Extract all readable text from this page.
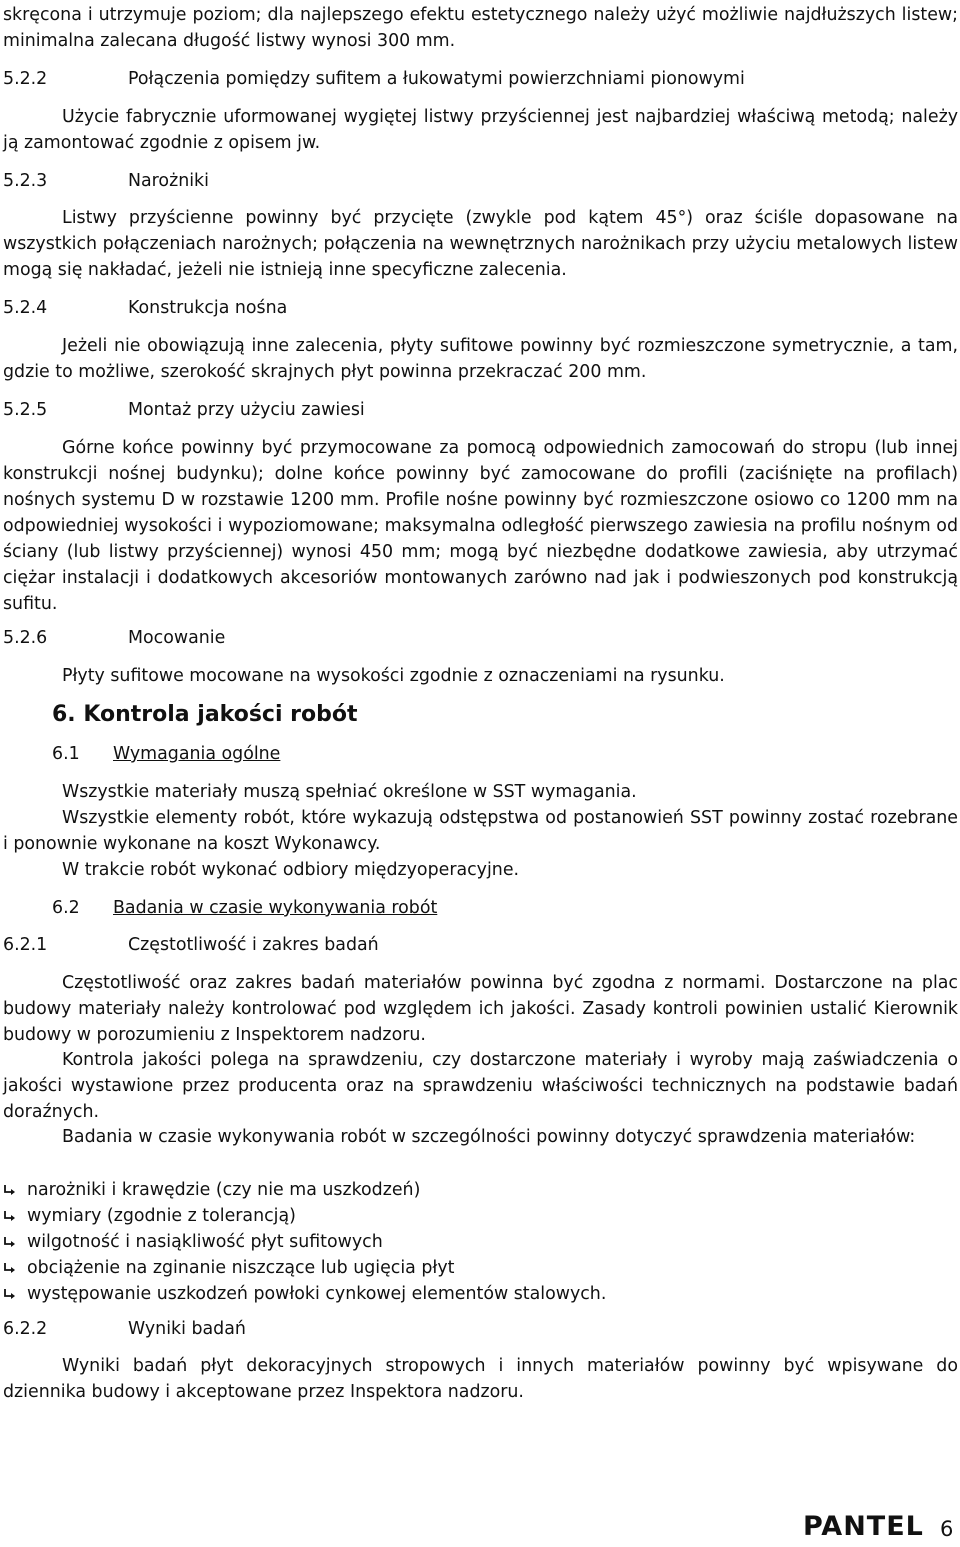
skręcona i utrzymuje poziom; dla najlepszego efektu estetycznego należy użyć możliwie najdłuższych listew; minimalna zalecana długość listwy wynosi 300 mm.

5.2.2	Połączenia pomiędzy sufitem a łukowatymi powierzchniami pionowymi

Użycie fabrycznie uformowanej wygiętej listwy przyściennej jest najbardziej właściwą metodą; należy ją zamontować zgodnie z opisem jw.

5.2.3	Narożniki

Listwy przyścienne powinny być przycięte (zwykle pod kątem 45°) oraz ściśle dopasowane na wszystkich połączeniach narożnych; połączenia na wewnętrznych narożnikach przy użyciu metalowych listew mogą się nakładać, jeżeli nie istnieją inne specyficzne zalecenia.

5.2.4	Konstrukcja nośna

Jeżeli nie obowiązują inne zalecenia, płyty sufitowe powinny być rozmieszczone symetrycznie, a tam, gdzie to możliwe, szerokość skrajnych płyt powinna przekraczać 200 mm.

5.2.5	Montaż przy użyciu zawiesi

Górne końce powinny być przymocowane za pomocą odpowiednich zamocowań do stropu (lub innej konstrukcji nośnej budynku); dolne końce powinny być zamocowane do profili (zaciśnięte na profilach) nośnych systemu D w rozstawie 1200 mm. Profile nośne powinny być rozmieszczone osiowo co 1200 mm na odpowiedniej wysokości i wypoziomowane; maksymalna odległość pierwszego zawiesia na profilu nośnym od ściany (lub listwy przyściennej) wynosi 450 mm; mogą być niezbędne dodatkowe zawiesia, aby utrzymać ciężar instalacji i dodatkowych akcesoriów montowanych zarówno nad jak i podwieszonych pod konstrukcją sufitu.

5.2.6	Mocowanie

Płyty sufitowe mocowane na wysokości zgodnie z oznaczeniami na rysunku.

6. Kontrola jakości robót
6.1 Wymagania ogólne

Wszystkie materiały muszą spełniać określone w SST wymagania.

Wszystkie elementy robót, które wykazują odstępstwa od postanowień SST powinny zostać rozebrane i ponownie wykonane na koszt Wykonawcy.

W trakcie robót wykonać odbiory międzyoperacyjne.

6.2 Badania w czasie wykonywania robót
6.2.1	Częstotliwość i zakres badań

Częstotliwość oraz zakres badań materiałów powinna być zgodna z normami. Dostarczone na plac budowy materiały należy kontrolować pod względem ich jakości. Zasady kontroli powinien ustalić Kierownik budowy w porozumieniu z Inspektorem nadzoru.

Kontrola jakości polega na sprawdzeniu, czy dostarczone materiały i wyroby mają zaświadczenia o jakości wystawione przez producenta oraz na sprawdzeniu właściwości technicznych na podstawie badań doraźnych.

Badania w czasie wykonywania robót w szczególności powinny dotyczyć sprawdzenia materiałów:

narożniki i krawędzie (czy nie ma uszkodzeń)
wymiary (zgodnie z tolerancją)
wilgotność i nasiąkliwość płyt sufitowych
obciążenie na zginanie niszczące lub ugięcia płyt
występowanie uszkodzeń powłoki cynkowej elementów stalowych.
6.2.2	Wyniki badań

Wyniki badań płyt dekoracyjnych stropowych i innych materiałów powinny być wpisywane do dziennika budowy i akceptowane przez Inspektora nadzoru.

PANTEL 6
